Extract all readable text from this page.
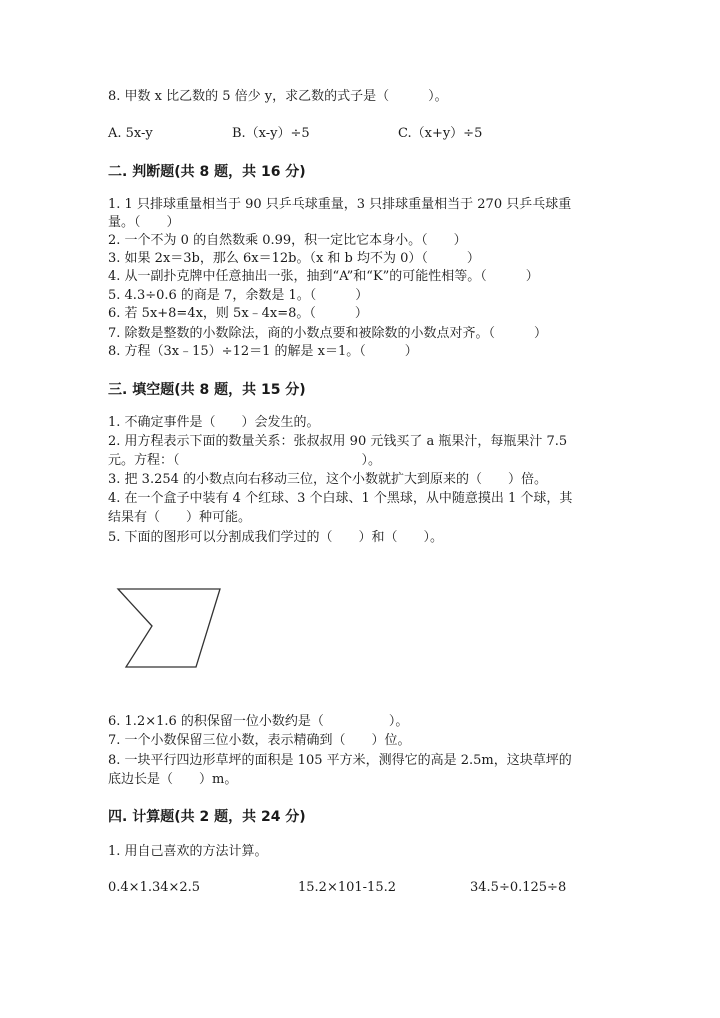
8. 甲数 x 比乙数的 5 倍少 y，求乙数的式子是（　　　）。
A. 5x-y	B.（x-y）÷5	C.（x+y）÷5
二. 判断题(共 8 题，共 16 分)
1. 1 只排球重量相当于 90 只乒乓球重量，3 只排球重量相当于 270 只乒乓球重
量。（　　）
2. 一个不为 0 的自然数乘 0.99，积一定比它本身小。（　　）
3. 如果 2x＝3b，那么 6x＝12b。（x 和 b 均不为 0）（　　　）
4. 从一副扑克牌中任意抽出一张，抽到“A”和“K”的可能性相等。（　　　）
5. 4.3÷0.6 的商是 7，余数是 1。（　　　）
6. 若 5x+8=4x，则 5x﹣4x=8。（　　　）
7. 除数是整数的小数除法，商的小数点要和被除数的小数点对齐。（　　　）
8. 方程（3x﹣15）÷12＝1 的解是 x＝1。（　　　）
三. 填空题(共 8 题，共 15 分)
1. 不确定事件是（　　）会发生的。
2. 用方程表示下面的数量关系：张叔叔用 90 元钱买了 a 瓶果汁，每瓶果汁 7.5
元。方程：（　　　　　　　　　　　　　　）。
3. 把 3.254 的小数点向右移动三位，这个小数就扩大到原来的（　　）倍。
4. 在一个盒子中装有 4 个红球、3 个白球、1 个黑球，从中随意摸出 1 个球，其
结果有（　　）种可能。
5. 下面的图形可以分割成我们学过的（　　）和（　　）。
6. 1.2×1.6 的积保留一位小数约是（　　　　　）。
7. 一个小数保留三位小数，表示精确到（　　）位。
8. 一块平行四边形草坪的面积是 105 平方米，测得它的高是 2.5m，这块草坪的
底边长是（　　）m。
四. 计算题(共 2 题，共 24 分)
1. 用自己喜欢的方法计算。
0.4×1.34×2.5	15.2×101-15.2	34.5÷0.125÷8
